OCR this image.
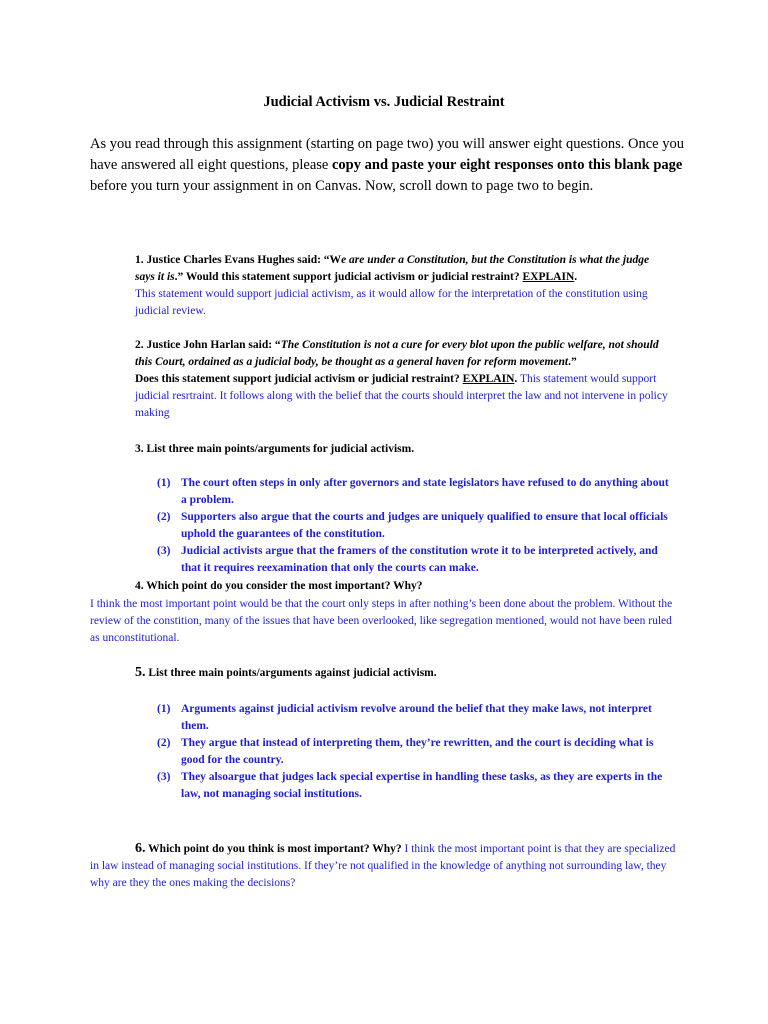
Judicial Activism vs. Judicial Restraint
As you read through this assignment (starting on page two) you will answer eight questions. Once you have answered all eight questions, please copy and paste your eight responses onto this blank page before you turn your assignment in on Canvas. Now, scroll down to page two to begin.
1. Justice Charles Evans Hughes said: “We are under a Constitution, but the Constitution is what the judge says it is.” Would this statement support judicial activism or judicial restraint? EXPLAIN.
This statement would support judicial activism, as it would allow for the interpretation of the constitution using judicial review.
2. Justice John Harlan said: “The Constitution is not a cure for every blot upon the public welfare, not should this Court, ordained as a judicial body, be thought as a general haven for reform movement.”
Does this statement support judicial activism or judicial restraint? EXPLAIN. This statement would support judicial resrtraint. It follows along with the belief that the courts should interpret the law and not intervene in policy making
3. List three main points/arguments for judicial activism.
(1) The court often steps in only after governors and state legislators have refused to do anything about a problem.
(2) Supporters also argue that the courts and judges are uniquely qualified to ensure that local officials uphold the guarantees of the constitution.
(3) Judicial activists argue that the framers of the constitution wrote it to be interpreted actively, and that it requires reexamination that only the courts can make.
4. Which point do you consider the most important? Why?
I think the most important point would be that the court only steps in after nothing’s been done about the problem. Without the review of the constition, many of the issues that have been overlooked, like segregation mentioned, would not have been ruled as unconstitutional.
5. List three main points/arguments against judicial activism.
(1) Arguments against judicial activism revolve around the belief that they make laws, not interpret them.
(2) They argue that instead of interpreting them, they’re rewritten, and the court is deciding what is good for the country.
(3) They alsoargue that judges lack special expertise in handling these tasks, as they are experts in the law, not managing social institutions.
6. Which point do you think is most important? Why? I think the most important point is that they are specialized in law instead of managing social institutions. If they’re not qualified in the knowledge of anything not surrounding law, they why are they the ones making the decisions?
